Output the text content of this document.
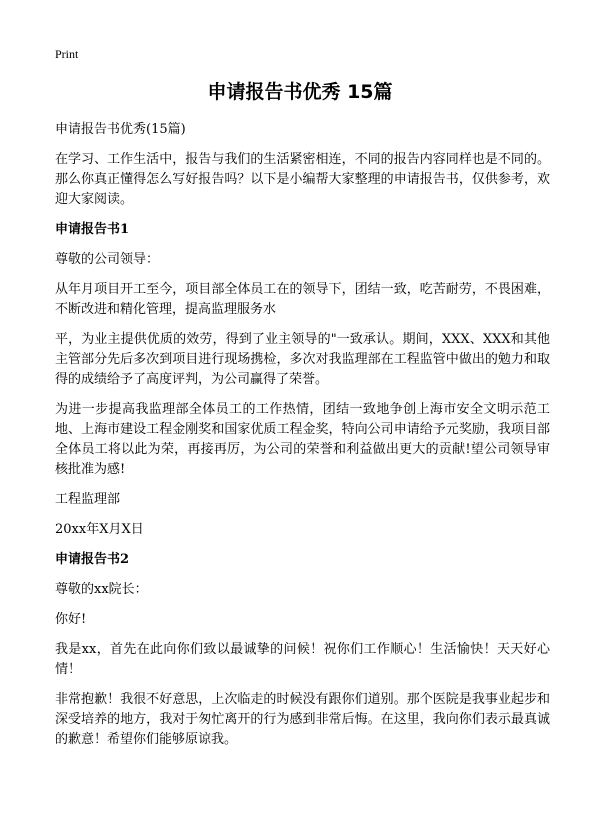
Print
申请报告书优秀 15篇

申请报告书优秀(15篇)

在学习、工作生活中，报告与我们的生活紧密相连，不同的报告内容同样也是不同的。那么你真正懂得怎么写好报告吗？以下是小编帮大家整理的申请报告书，仅供参考，欢迎大家阅读。

申请报告书1

尊敬的公司领导：

从年月项目开工至今，项目部全体员工在的领导下，团结一致，吃苦耐劳，不畏困难，不断改进和精化管理，提高监理服务水

平，为业主提供优质的效劳，得到了业主领导的"一致承认。期间，XXX、XXX和其他主管部分先后多次到项目进行现场携检，多次对我监理部在工程监管中做出的勉力和取得的成绩给予了高度评判，为公司赢得了荣誉。

为进一步提高我监理部全体员工的工作热情，团结一致地争创上海市安全文明示范工地、上海市建设工程金刚奖和国家优质工程金奖，特向公司申请给予元奖励，我项目部全体员工将以此为荣，再接再厉，为公司的荣誉和利益做出更大的贡献!望公司领导审核批准为感!

工程监理部

20xx年X月X日

申请报告书2

尊敬的xx院长：

你好!

我是xx，首先在此向你们致以最诚挚的问候！祝你们工作顺心！生活愉快！天天好心情！

非常抱歉！我很不好意思，上次临走的时候没有跟你们道别。那个医院是我事业起步和深受培养的地方，我对于匆忙离开的行为感到非常后悔。在这里，我向你们表示最真诚的歉意！希望你们能够原谅我。
